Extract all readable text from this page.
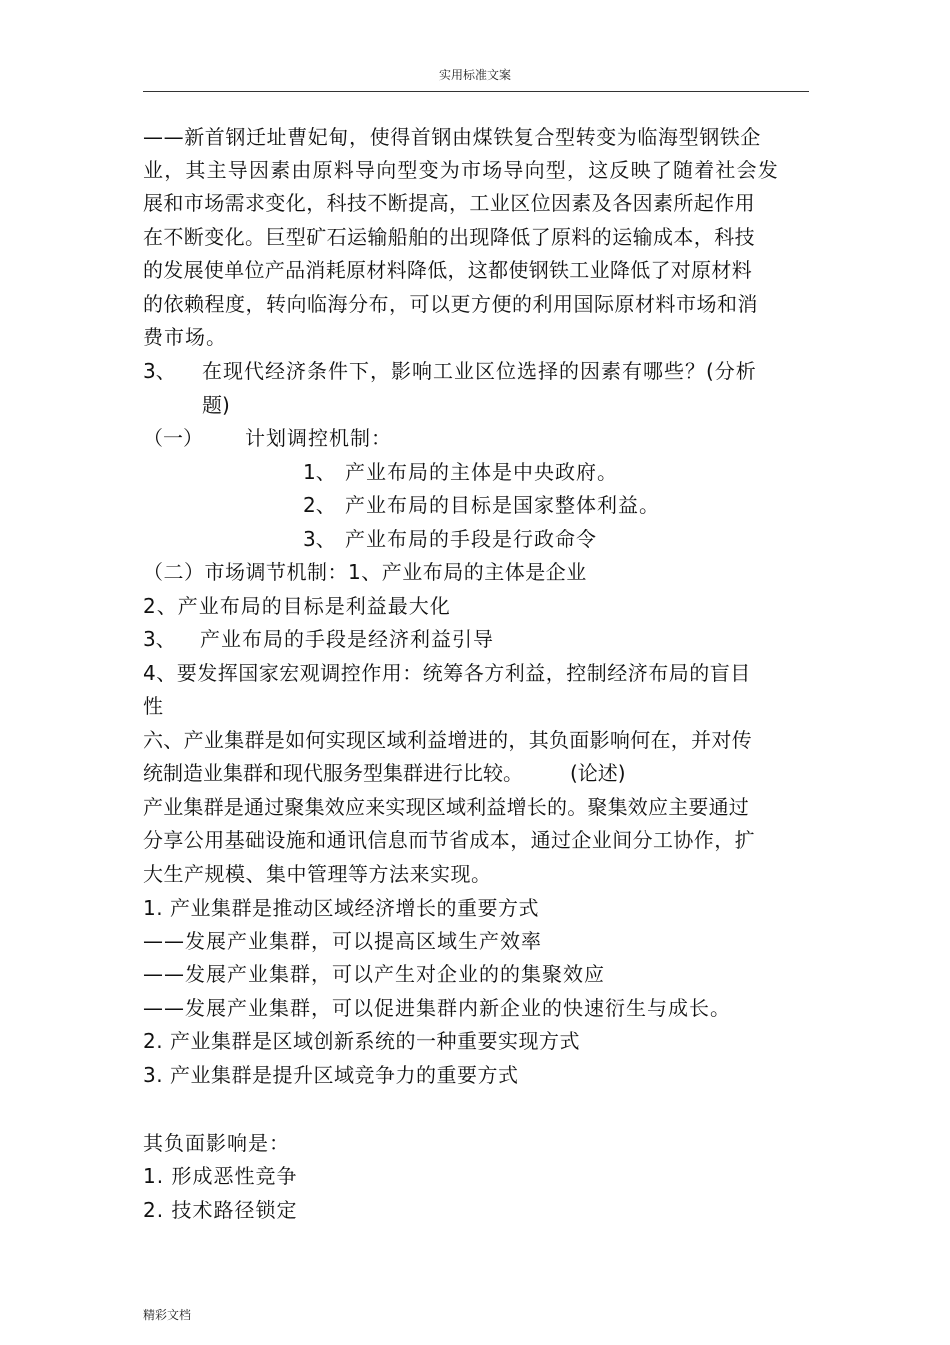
实用标准文案
——新首钢迁址曹妃甸，使得首钢由煤铁复合型转变为临海型钢铁企
业，其主导因素由原料导向型变为市场导向型，这反映了随着社会发
展和市场需求变化，科技不断提高，工业区位因素及各因素所起作用
在不断变化。巨型矿石运输船舶的出现降低了原料的运输成本，科技
的发展使单位产品消耗原材料降低，这都使钢铁工业降低了对原材料
的依赖程度，转向临海分布，可以更方便的利用国际原材料市场和消
费市场。
3、 在现代经济条件下，影响工业区位选择的因素有哪些？(分析
题)
（一） 计划调控机制：
1、 产业布局的主体是中央政府。
2、 产业布局的目标是国家整体利益。
3、 产业布局的手段是行政命令
（二）市场调节机制：1、产业布局的主体是企业
2、产业布局的目标是利益最大化
3、 产业布局的手段是经济利益引导
4、要发挥国家宏观调控作用：统筹各方利益，控制经济布局的盲目
性
六、产业集群是如何实现区域利益增进的，其负面影响何在，并对传
统制造业集群和现代服务型集群进行比较。 (论述)
产业集群是通过聚集效应来实现区域利益增长的。聚集效应主要通过
分享公用基础设施和通讯信息而节省成本，通过企业间分工协作，扩
大生产规模、集中管理等方法来实现。
1. 产业集群是推动区域经济增长的重要方式
——发展产业集群，可以提高区域生产效率
——发展产业集群，可以产生对企业的的集聚效应
——发展产业集群，可以促进集群内新企业的快速衍生与成长。
2. 产业集群是区域创新系统的一种重要实现方式
3. 产业集群是提升区域竞争力的重要方式
其负面影响是：
1. 形成恶性竞争
2. 技术路径锁定
精彩文档
